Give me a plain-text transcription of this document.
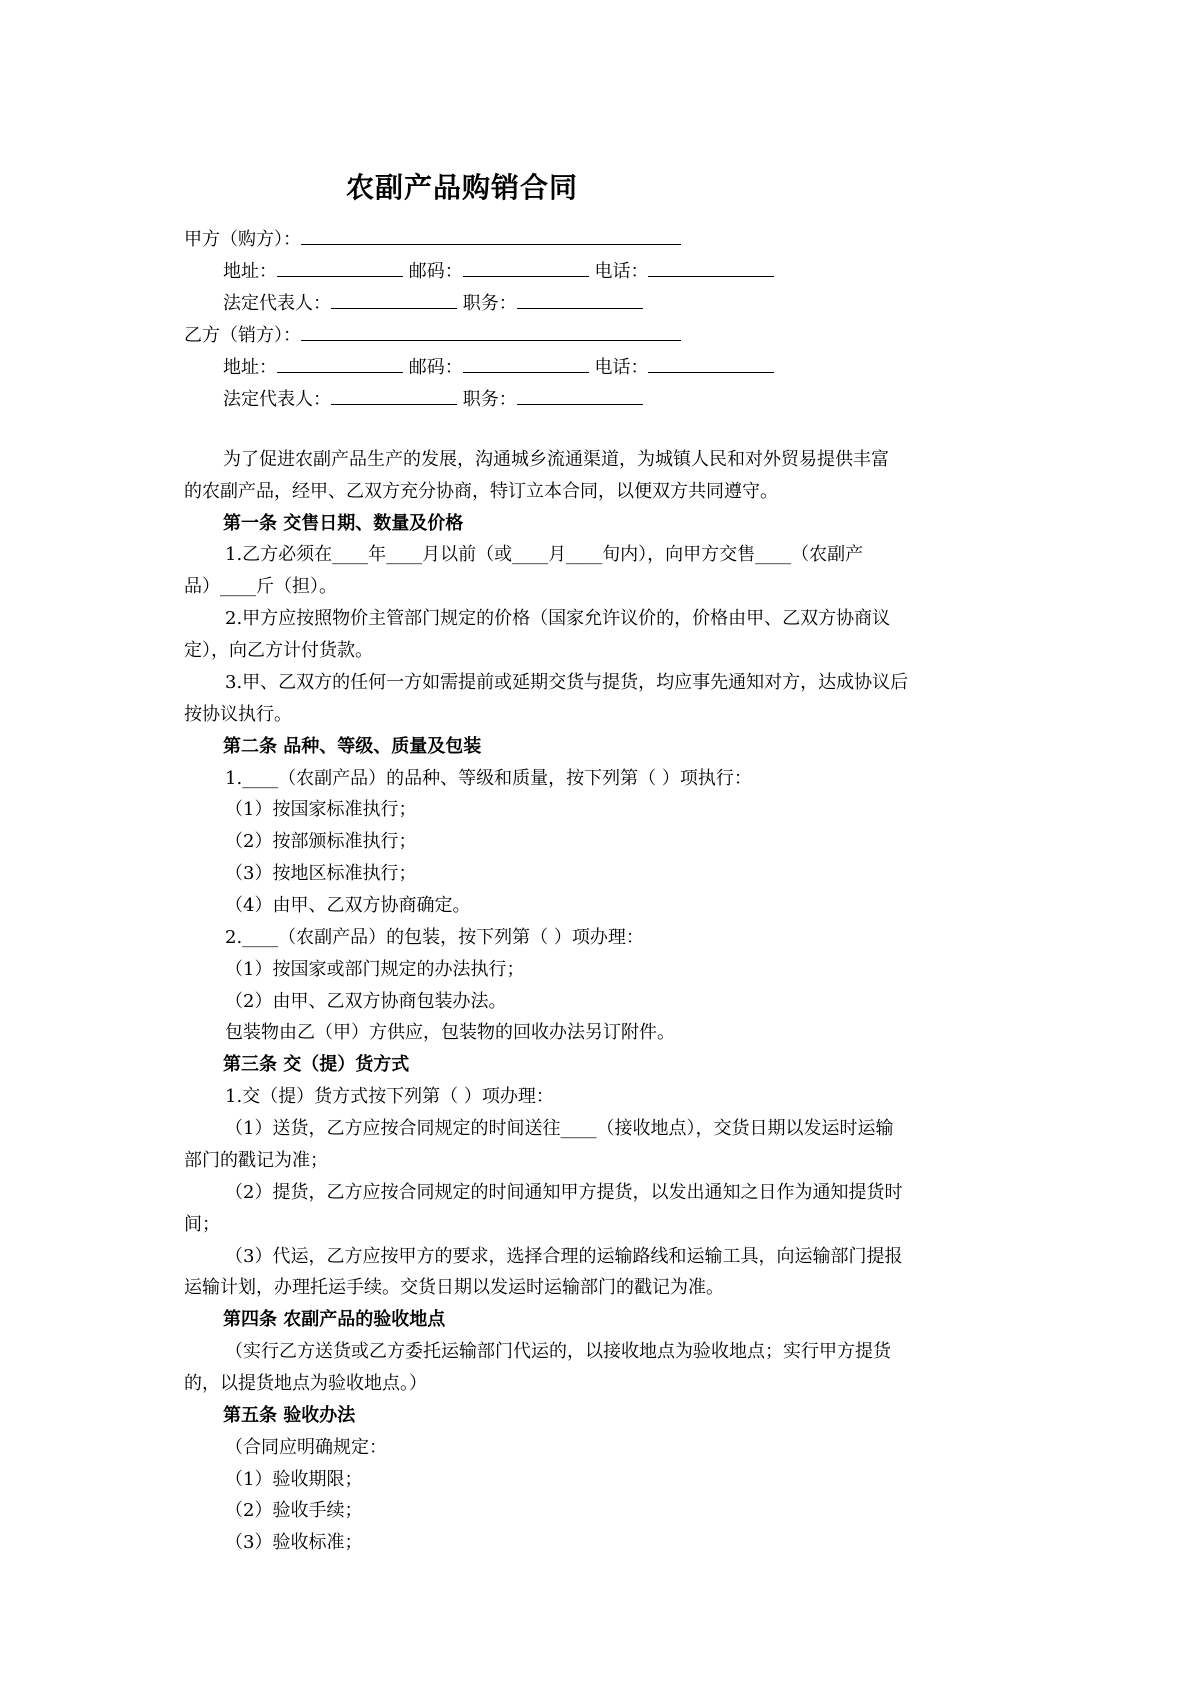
农副产品购销合同
甲方（购方）：
地址：	邮码：	电话：
法定代表人：	职务：
乙方（销方）：
地址：	邮码：	电话：
法定代表人：	职务：
为了促进农副产品生产的发展，沟通城乡流通渠道，为城镇人民和对外贸易提供丰富
的农副产品，经甲、乙双方充分协商，特订立本合同，以便双方共同遵守。
第一条 交售日期、数量及价格
1.乙方必须在____年____月以前（或____月____旬内），向甲方交售____（农副产
品）____斤（担）。
2.甲方应按照物价主管部门规定的价格（国家允许议价的，价格由甲、乙双方协商议
定），向乙方计付货款。
3.甲、乙双方的任何一方如需提前或延期交货与提货，均应事先通知对方，达成协议后
按协议执行。
第二条 品种、等级、质量及包装
1.____（农副产品）的品种、等级和质量，按下列第（ ）项执行：
（1）按国家标准执行；
（2）按部颁标准执行；
（3）按地区标准执行；
（4）由甲、乙双方协商确定。
2.____（农副产品）的包装，按下列第（ ）项办理：
（1）按国家或部门规定的办法执行；
（2）由甲、乙双方协商包装办法。
包装物由乙（甲）方供应，包装物的回收办法另订附件。
第三条 交（提）货方式
1.交（提）货方式按下列第（ ）项办理：
（1）送货，乙方应按合同规定的时间送往____（接收地点），交货日期以发运时运输
部门的戳记为准；
（2）提货，乙方应按合同规定的时间通知甲方提货，以发出通知之日作为通知提货时
间；
（3）代运，乙方应按甲方的要求，选择合理的运输路线和运输工具，向运输部门提报
运输计划，办理托运手续。交货日期以发运时运输部门的戳记为准。
第四条 农副产品的验收地点
（实行乙方送货或乙方委托运输部门代运的，以接收地点为验收地点；实行甲方提货
的，以提货地点为验收地点。）
第五条 验收办法
（合同应明确规定：
（1）验收期限；
（2）验收手续；
（3）验收标准；
